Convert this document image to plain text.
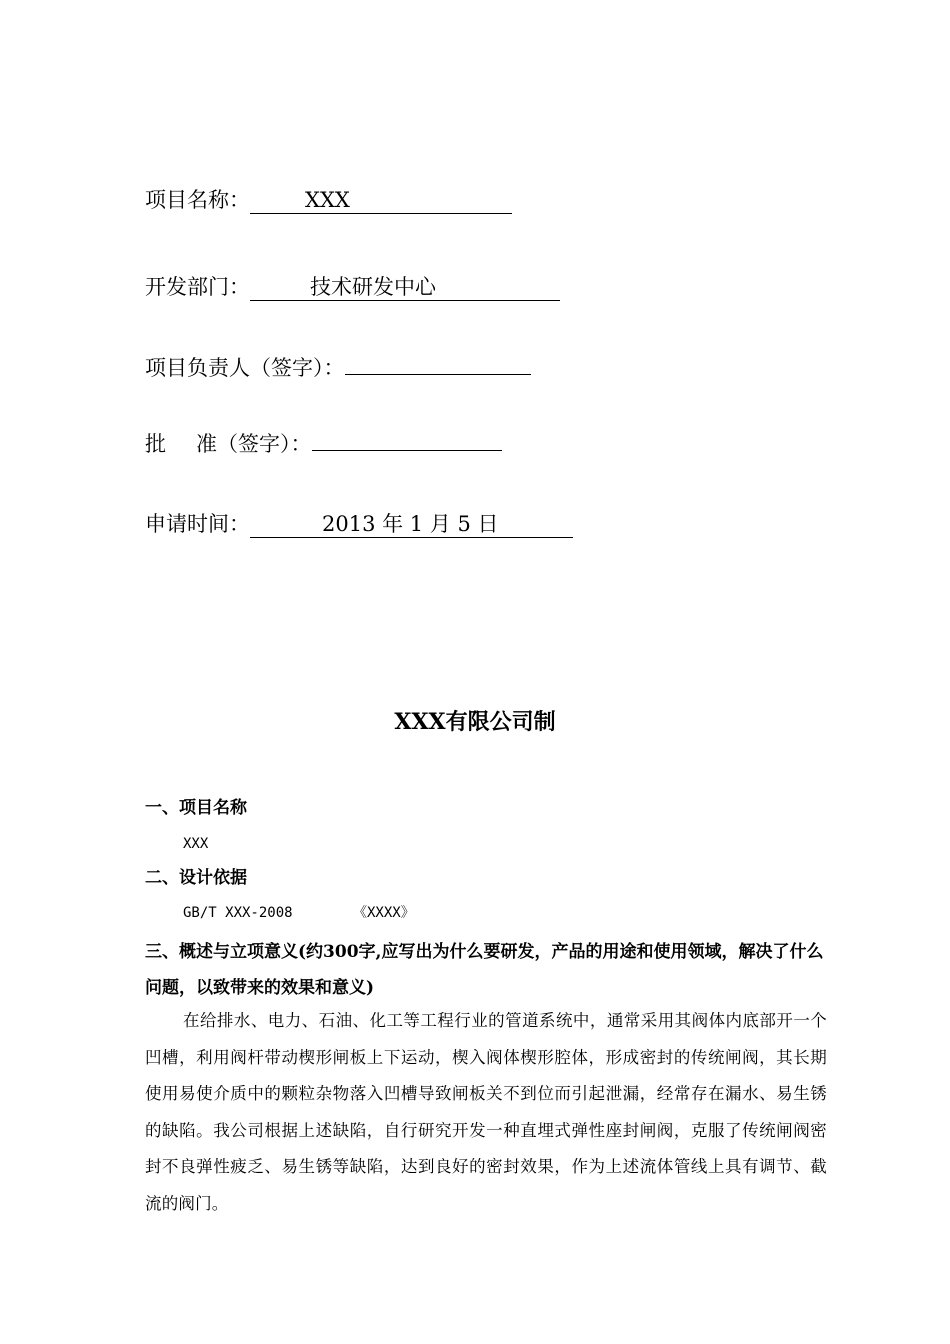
项目名称：	XXX
开发部门：	技术研发中心
项目负责人（签字）：
批 准（签字）：
申请时间：	2013 年 1 月 5 日
XXX有限公司制
一、项目名称
XXX
二、设计依据
GB/T XXX-2008	《XXXX》
三、概述与立项意义(约300字,应写出为什么要研发，产品的用途和使用领域，解决了什么问题，以致带来的效果和意义)
在给排水、电力、石油、化工等工程行业的管道系统中，通常采用其阀体内底部开一个凹槽，利用阀杆带动楔形闸板上下运动，楔入阀体楔形腔体，形成密封的传统闸阀，其长期使用易使介质中的颗粒杂物落入凹槽导致闸板关不到位而引起泄漏，经常存在漏水、易生锈的缺陷。我公司根据上述缺陷，自行研究开发一种直埋式弹性座封闸阀，克服了传统闸阀密封不良弹性疲乏、易生锈等缺陷，达到良好的密封效果，作为上述流体管线上具有调节、截流的阀门。
